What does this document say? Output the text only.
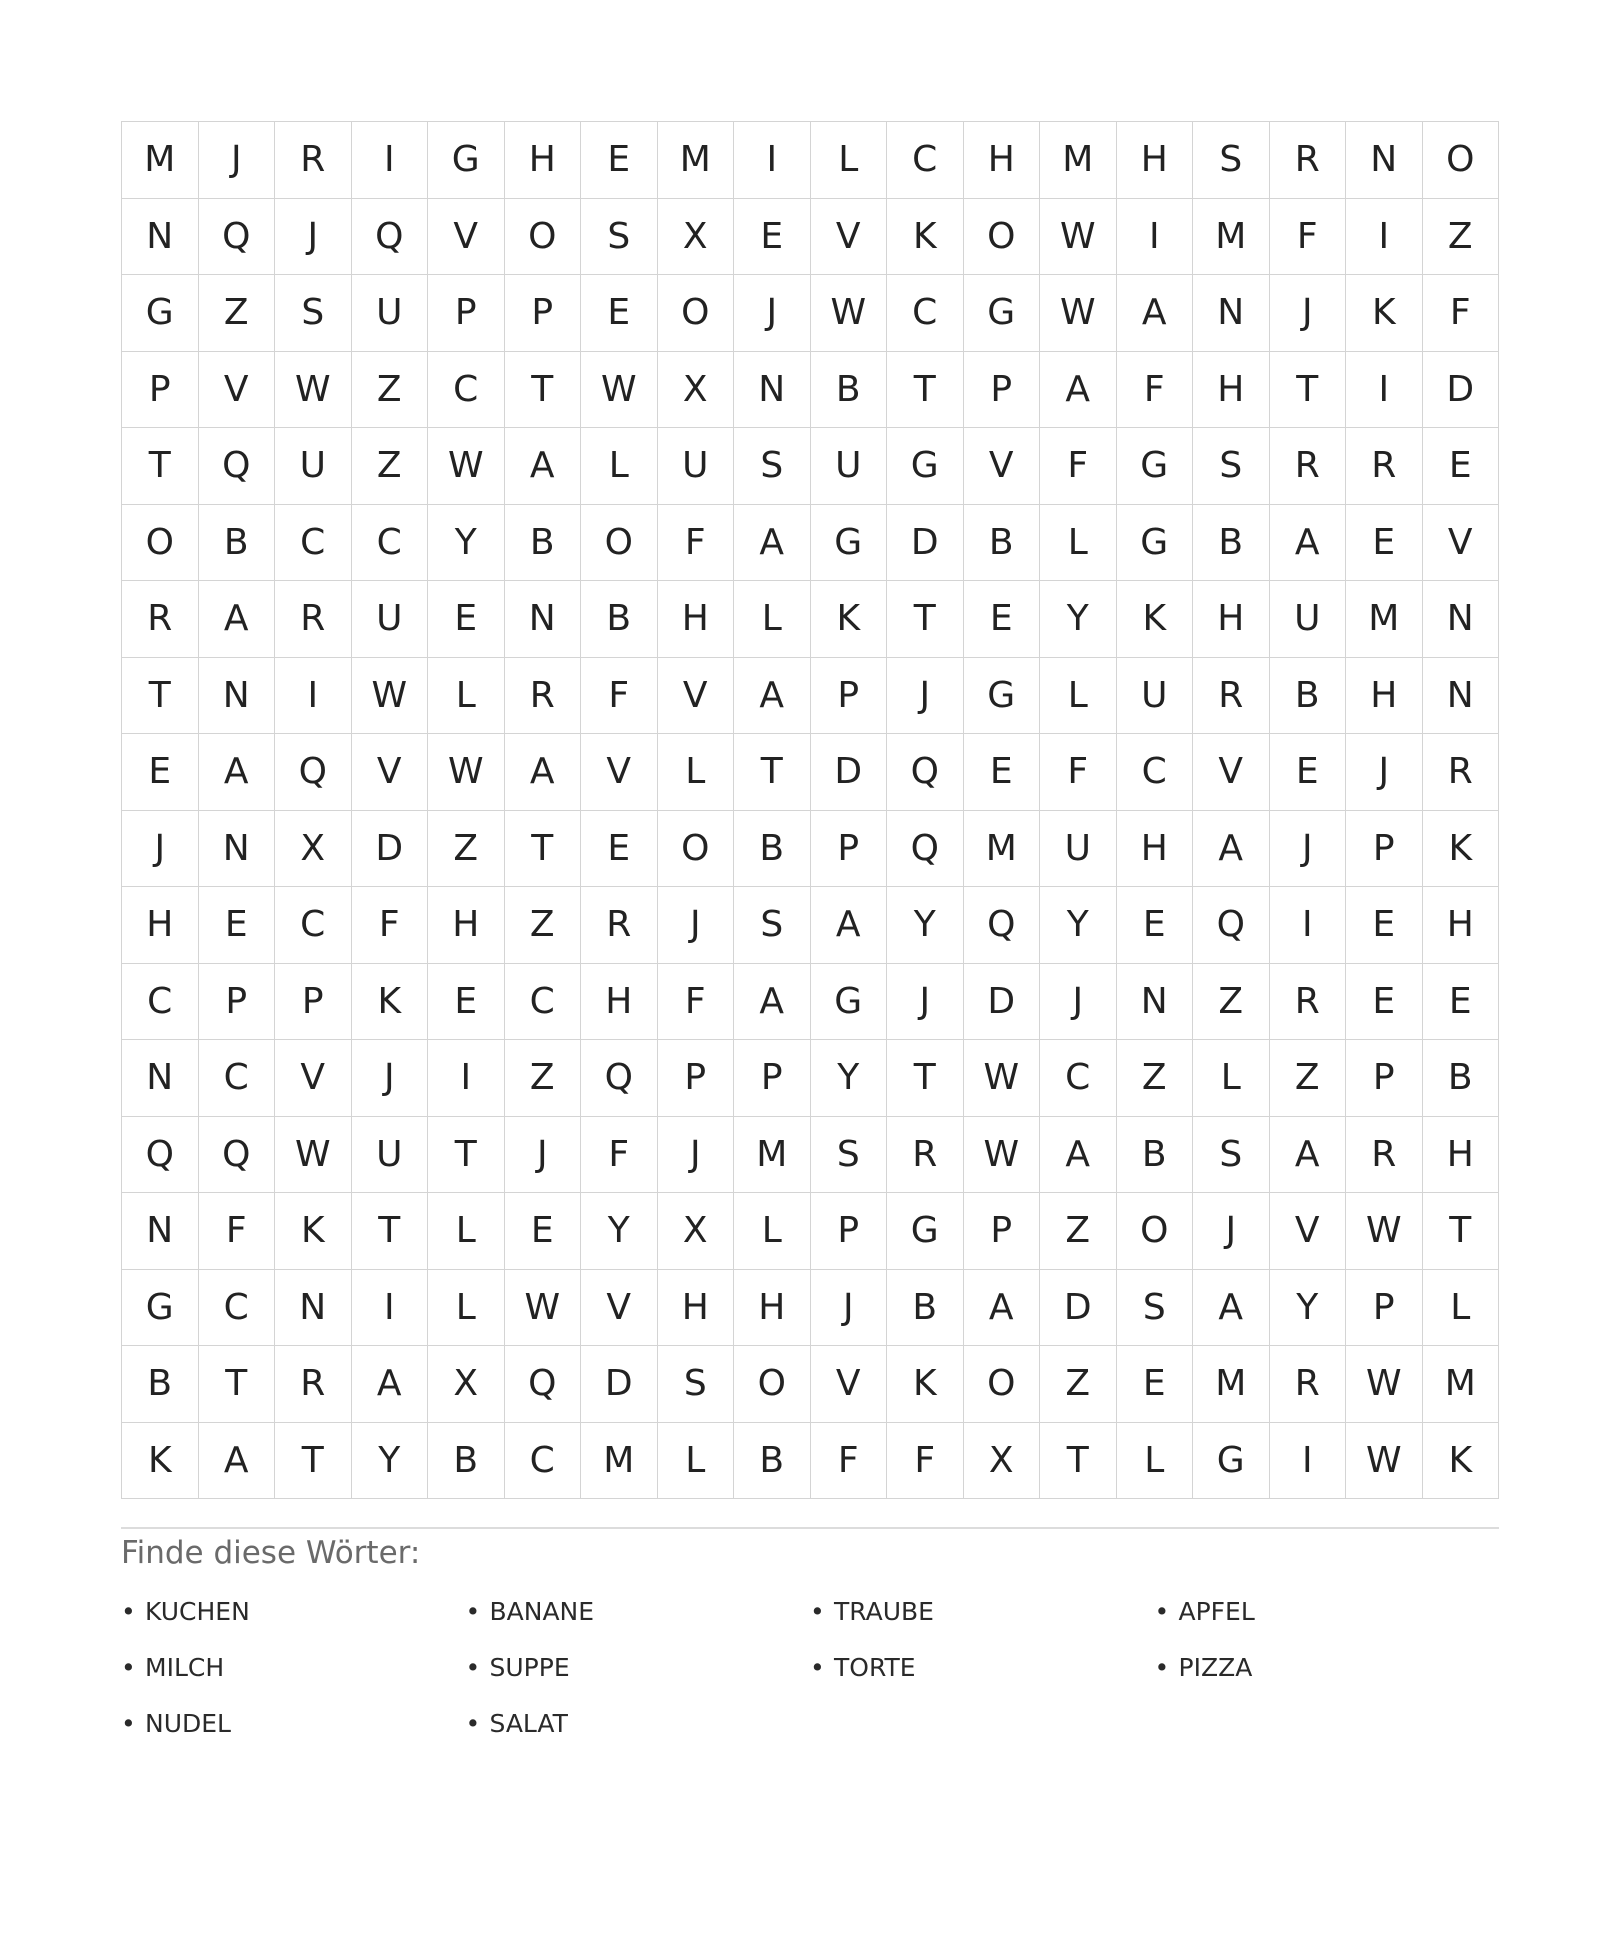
M	J	R	I	G	H	E	M	I	L	C	H	M	H	S	R	N	O
N	Q	J	Q	V	O	S	X	E	V	K	O	W	I	M	F	I	Z
G	Z	S	U	P	P	E	O	J	W	C	G	W	A	N	J	K	F
P	V	W	Z	C	T	W	X	N	B	T	P	A	F	H	T	I	D
T	Q	U	Z	W	A	L	U	S	U	G	V	F	G	S	R	R	E
O	B	C	C	Y	B	O	F	A	G	D	B	L	G	B	A	E	V
R	A	R	U	E	N	B	H	L	K	T	E	Y	K	H	U	M	N
T	N	I	W	L	R	F	V	A	P	J	G	L	U	R	B	H	N
E	A	Q	V	W	A	V	L	T	D	Q	E	F	C	V	E	J	R
J	N	X	D	Z	T	E	O	B	P	Q	M	U	H	A	J	P	K
H	E	C	F	H	Z	R	J	S	A	Y	Q	Y	E	Q	I	E	H
C	P	P	K	E	C	H	F	A	G	J	D	J	N	Z	R	E	E
N	C	V	J	I	Z	Q	P	P	Y	T	W	C	Z	L	Z	P	B
Q	Q	W	U	T	J	F	J	M	S	R	W	A	B	S	A	R	H
N	F	K	T	L	E	Y	X	L	P	G	P	Z	O	J	V	W	T
G	C	N	I	L	W	V	H	H	J	B	A	D	S	A	Y	P	L
B	T	R	A	X	Q	D	S	O	V	K	O	Z	E	M	R	W	M
K	A	T	Y	B	C	M	L	B	F	F	X	T	L	G	I	W	K
Finde diese Wörter:
• KUCHEN	• BANANE	• TRAUBE	• APFEL
• MILCH	• SUPPE	• TORTE	• PIZZA
• NUDEL	• SALAT
